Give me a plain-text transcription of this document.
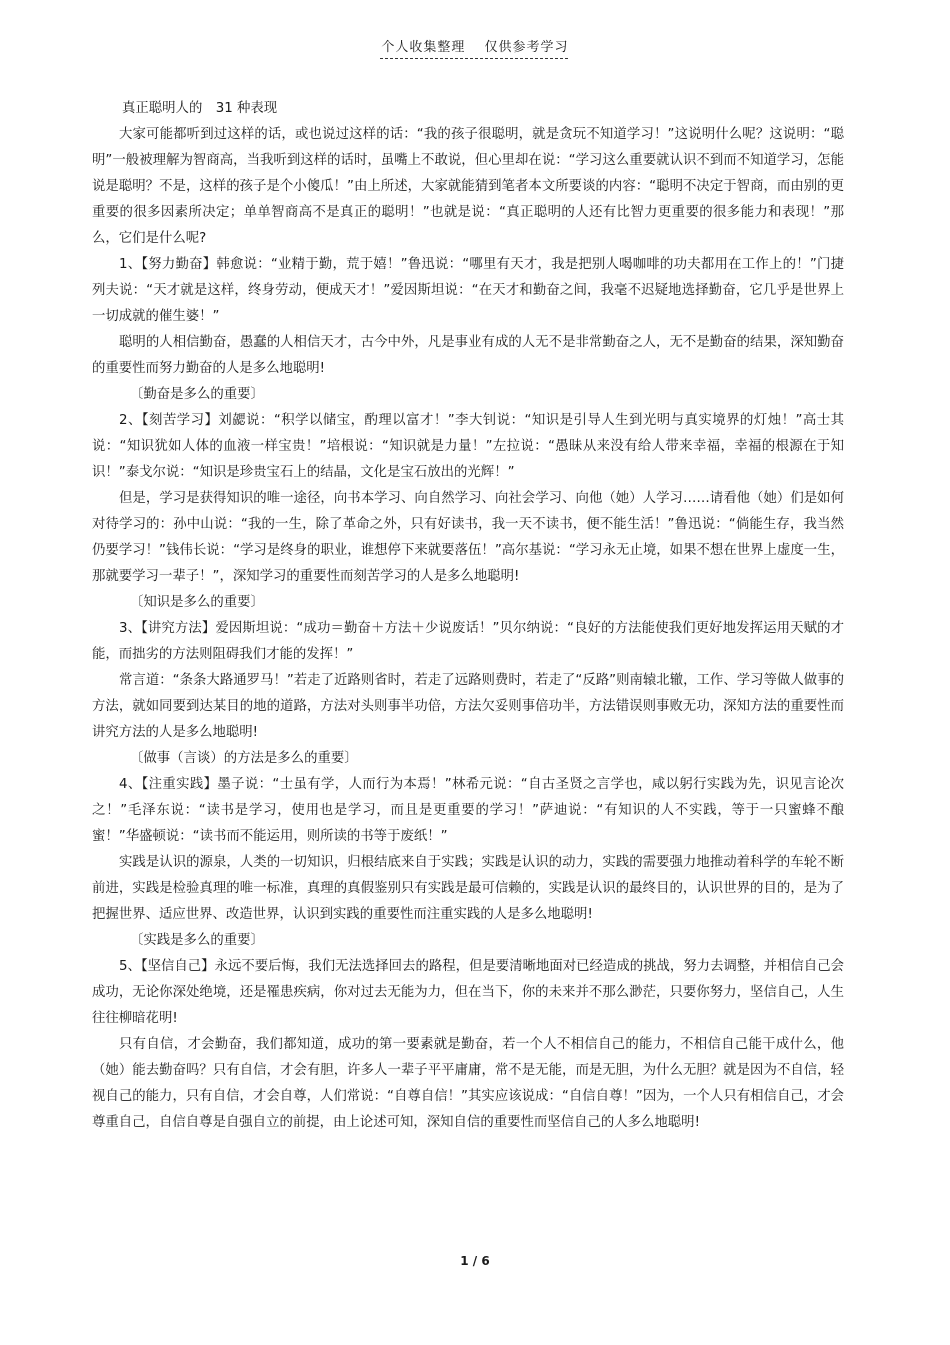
个人收集整理　 仅供参考学习
真正聪明人的　31 种表现
大家可能都听到过这样的话，或也说过这样的话：“我的孩子很聪明，就是贪玩不知道学习！”这说明什么呢？这说明：“聪明”一般被理解为智商高，当我听到这样的话时，虽嘴上不敢说，但心里却在说：“学习这么重要就认识不到而不知道学习，怎能说是聪明？不是，这样的孩子是个小傻瓜！”由上所述，大家就能猜到笔者本文所要谈的内容：“聪明不决定于智商，而由别的更重要的很多因素所决定；单单智商高不是真正的聪明！”也就是说：“真正聪明的人还有比智力更重要的很多能力和表现！”那么，它们是什么呢?
1、【努力勤奋】韩愈说：“业精于勤，荒于嬉！”鲁迅说：“哪里有天才，我是把别人喝咖啡的功夫都用在工作上的！”门捷列夫说：“天才就是这样，终身劳动，便成天才！”爱因斯坦说：“在天才和勤奋之间，我毫不迟疑地选择勤奋，它几乎是世界上一切成就的催生婆！”
聪明的人相信勤奋，愚蠢的人相信天才，古今中外，凡是事业有成的人无不是非常勤奋之人，无不是勤奋的结果，深知勤奋的重要性而努力勤奋的人是多么地聪明!
〔勤奋是多么的重要〕
2、【刻苦学习】刘勰说：“积学以储宝，酌理以富才！”李大钊说：“知识是引导人生到光明与真实境界的灯烛！”高士其说：“知识犹如人体的血液一样宝贵！”培根说：“知识就是力量！”左拉说：“愚昧从来没有给人带来幸福，幸福的根源在于知识！”泰戈尔说：“知识是珍贵宝石上的结晶，文化是宝石放出的光辉！”
但是，学习是获得知识的唯一途径，向书本学习、向自然学习、向社会学习、向他（她）人学习……请看他（她）们是如何对待学习的：孙中山说：“我的一生，除了革命之外，只有好读书，我一天不读书，便不能生活！”鲁迅说：“倘能生存，我当然仍要学习！”钱伟长说：“学习是终身的职业，谁想停下来就要落伍！”高尔基说：“学习永无止境，如果不想在世界上虚度一生，那就要学习一辈子！”，深知学习的重要性而刻苦学习的人是多么地聪明!
〔知识是多么的重要〕
3、【讲究方法】爱因斯坦说：“成功＝勤奋＋方法＋少说废话！”贝尔纳说：“良好的方法能使我们更好地发挥运用天赋的才能，而拙劣的方法则阻碍我们才能的发挥！”
常言道：“条条大路通罗马！”若走了近路则省时，若走了远路则费时，若走了“反路”则南辕北辙，工作、学习等做人做事的方法，就如同要到达某目的地的道路，方法对头则事半功倍，方法欠妥则事倍功半，方法错误则事败无功，深知方法的重要性而讲究方法的人是多么地聪明!
〔做事（言谈）的方法是多么的重要〕
4、【注重实践】墨子说：“士虽有学，人而行为本焉！”林希元说：“自古圣贤之言学也，咸以躬行实践为先，识见言论次之！”毛泽东说：“读书是学习，使用也是学习，而且是更重要的学习！”萨迪说：“有知识的人不实践，等于一只蜜蜂不酿蜜！”华盛顿说：“读书而不能运用，则所读的书等于废纸！”
实践是认识的源泉，人类的一切知识，归根结底来自于实践；实践是认识的动力，实践的需要强力地推动着科学的车轮不断前进，实践是检验真理的唯一标准，真理的真假鉴别只有实践是最可信赖的，实践是认识的最终目的，认识世界的目的，是为了把握世界、适应世界、改造世界，认识到实践的重要性而注重实践的人是多么地聪明!
〔实践是多么的重要〕
5、【坚信自己】永远不要后悔，我们无法选择回去的路程，但是要清晰地面对已经造成的挑战，努力去调整，并相信自己会成功，无论你深处绝境，还是罹患疾病，你对过去无能为力，但在当下，你的未来并不那么渺茫，只要你努力，坚信自己，人生往往柳暗花明!
只有自信，才会勤奋，我们都知道，成功的第一要素就是勤奋，若一个人不相信自己的能力，不相信自己能干成什么，他（她）能去勤奋吗？只有自信，才会有胆，许多人一辈子平平庸庸，常不是无能，而是无胆，为什么无胆？就是因为不自信，轻视自己的能力，只有自信，才会自尊，人们常说：“自尊自信！”其实应该说成：“自信自尊！”因为，一个人只有相信自己，才会尊重自己，自信自尊是自强自立的前提，由上论述可知，深知自信的重要性而坚信自己的人多么地聪明!
1 / 6
